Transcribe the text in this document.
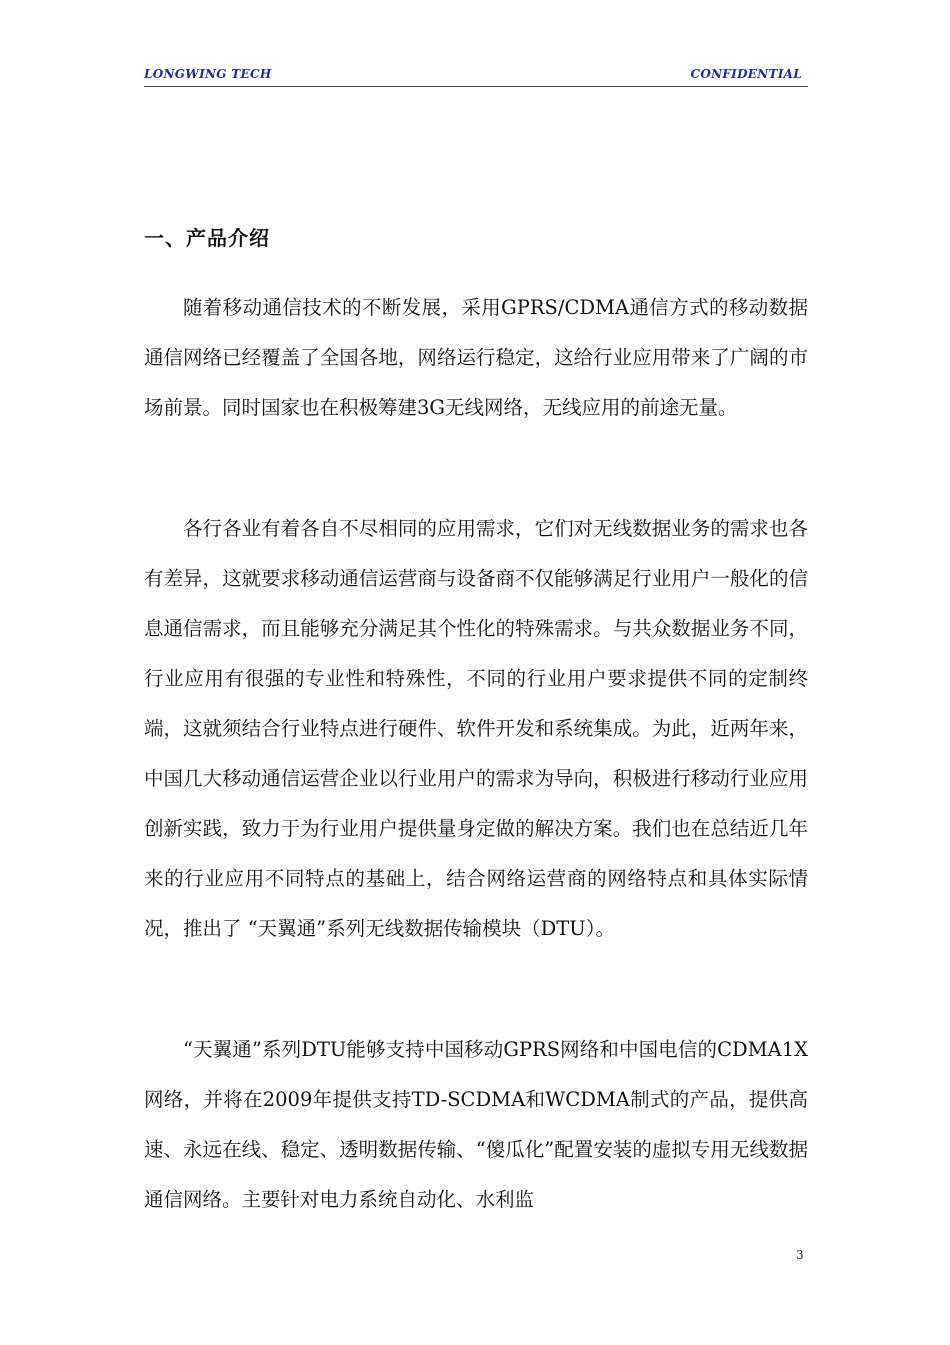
LONGWING TECH	CONFIDENTIAL
一、产品介绍

随着移动通信技术的不断发展，采用GPRS/CDMA通信方式的移动数据通信网络已经覆盖了全国各地，网络运行稳定，这给行业应用带来了广阔的市场前景。同时国家也在积极筹建3G无线网络，无线应用的前途无量。

各行各业有着各自不尽相同的应用需求，它们对无线数据业务的需求也各有差异，这就要求移动通信运营商与设备商不仅能够满足行业用户一般化的信息通信需求，而且能够充分满足其个性化的特殊需求。与共众数据业务不同，行业应用有很强的专业性和特殊性，不同的行业用户要求提供不同的定制终端，这就须结合行业特点进行硬件、软件开发和系统集成。为此，近两年来，中国几大移动通信运营企业以行业用户的需求为导向，积极进行移动行业应用创新实践，致力于为行业用户提供量身定做的解决方案。我们也在总结近几年来的行业应用不同特点的基础上，结合网络运营商的网络特点和具体实际情况，推出了 “天翼通”系列无线数据传输模块（DTU）。

“天翼通”系列DTU能够支持中国移动GPRS网络和中国电信的CDMA1X网络，并将在2009年提供支持TD-SCDMA和WCDMA制式的产品，提供高速、永远在线、稳定、透明数据传输、“傻瓜化”配置安装的虚拟专用无线数据通信网络。主要针对电力系统自动化、水利监

3
